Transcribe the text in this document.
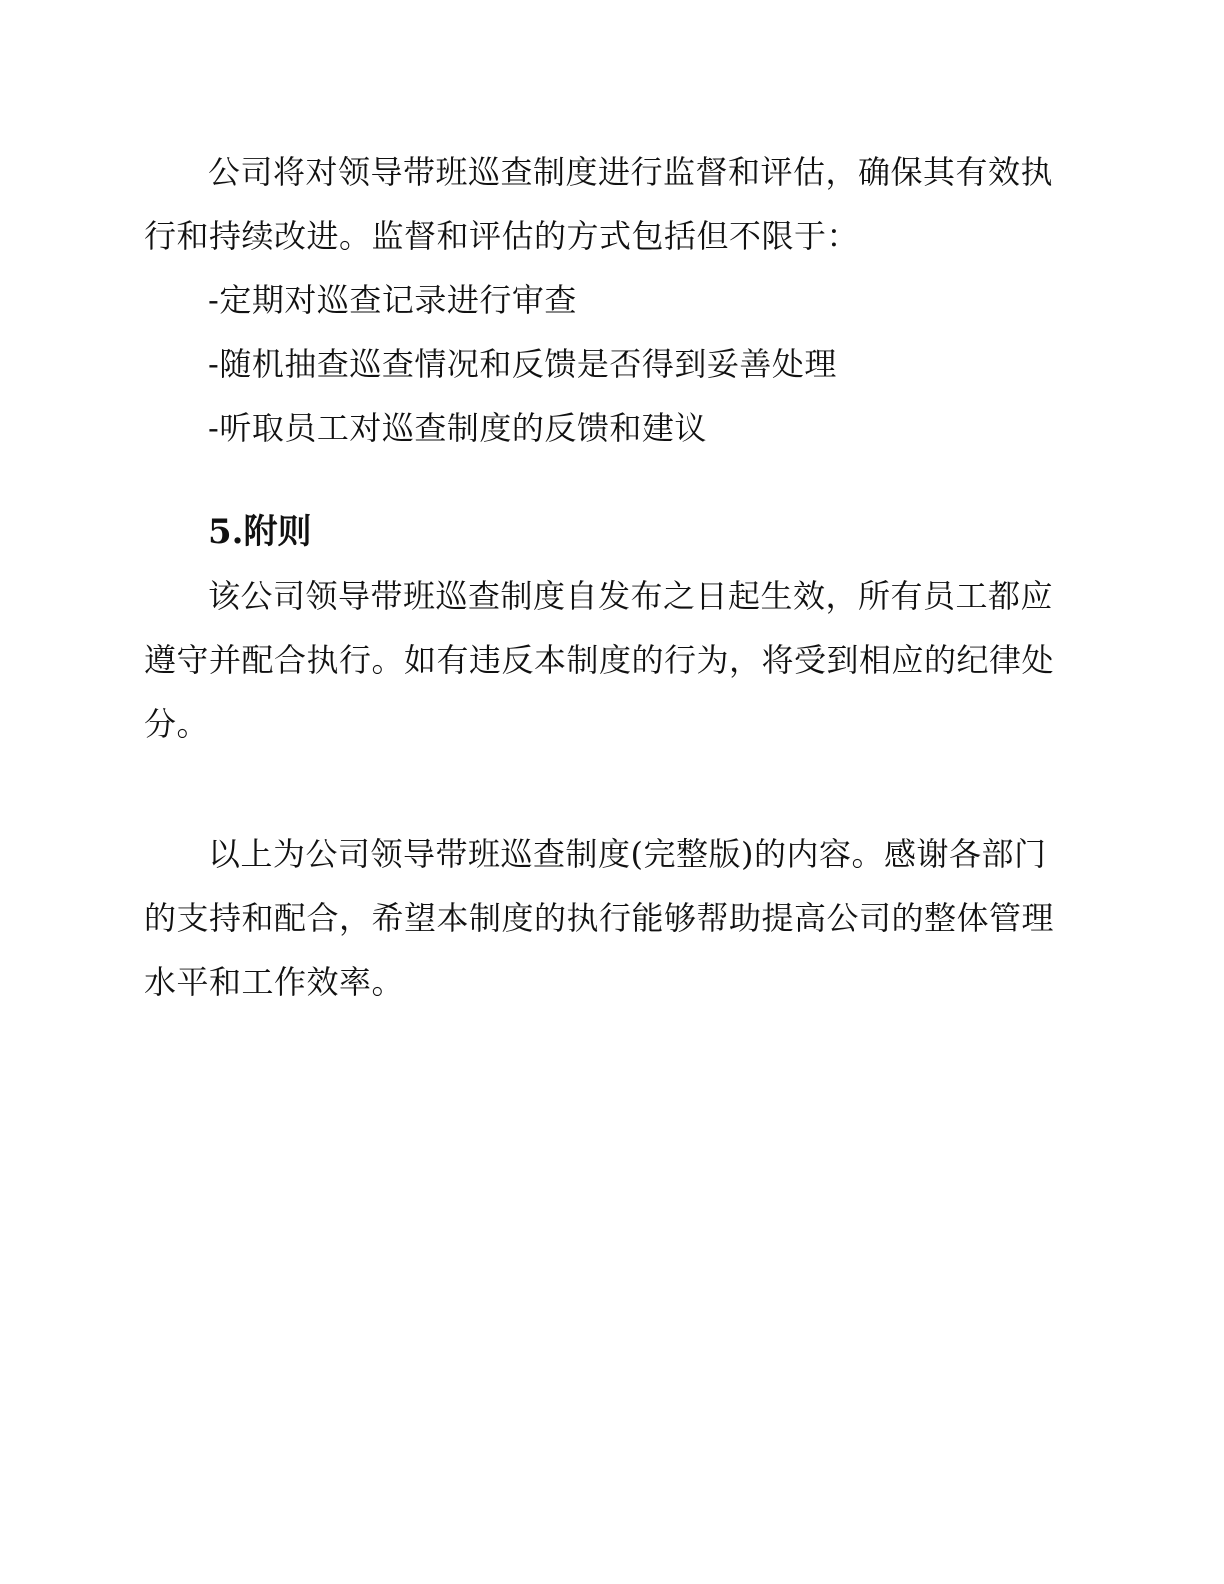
公司将对领导带班巡查制度进行监督和评估，确保其有效执行和持续改进。监督和评估的方式包括但不限于：

-定期对巡查记录进行审查

-随机抽查巡查情况和反馈是否得到妥善处理

-听取员工对巡查制度的反馈和建议

5.附则

该公司领导带班巡查制度自发布之日起生效，所有员工都应遵守并配合执行。如有违反本制度的行为，将受到相应的纪律处分。

以上为公司领导带班巡查制度(完整版)的内容。感谢各部门的支持和配合，希望本制度的执行能够帮助提高公司的整体管理水平和工作效率。
